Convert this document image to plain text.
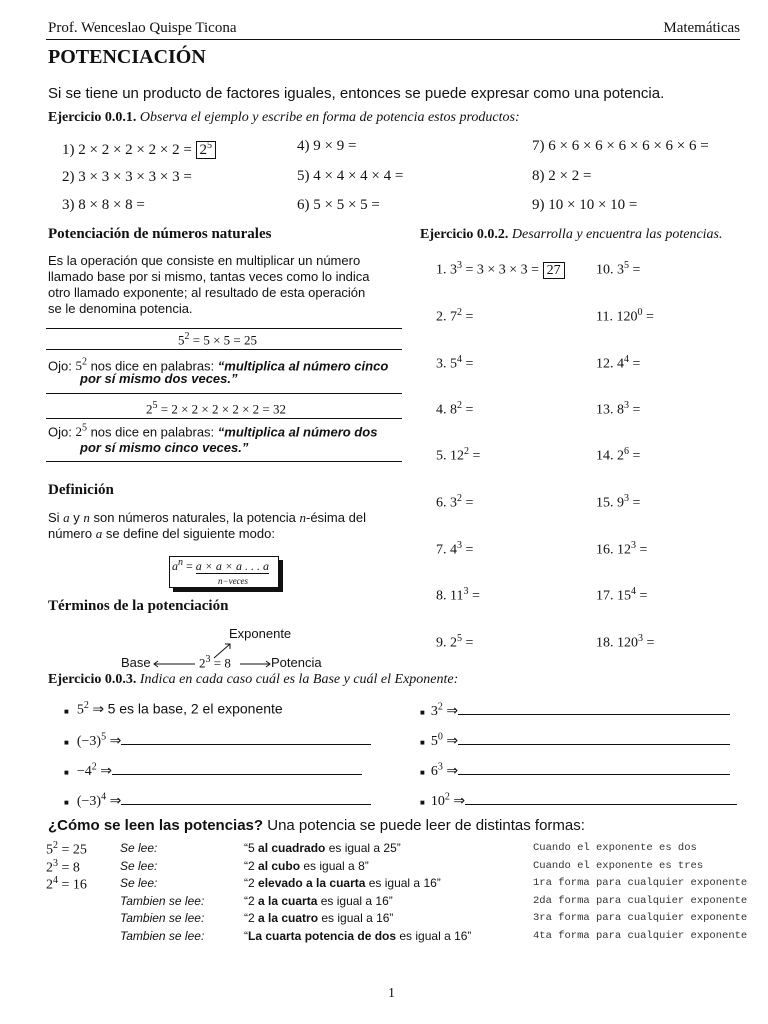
Prof. Wenceslao Quispe Ticona	Matemáticas
POTENCIACIÓN
Si se tiene un producto de factores iguales, entonces se puede expresar como una potencia.
Ejercicio 0.0.1. Observa el ejemplo y escribe en forma de potencia estos productos:
1) $2 \times 2 \times 2 \times 2 \times 2 = 2^5$
2) 3 × 3 × 3 × 3 × 3 =
3) 8 × 8 × 8 =
4) 9 × 9 =
5) 4 × 4 × 4 × 4 =
6) 5 × 5 × 5 =
7) 6 × 6 × 6 × 6 × 6 × 6 × 6 =
8) 2 × 2 =
9) 10 × 10 × 10 =
Potenciación de números naturales
Es la operación que consiste en multiplicar un número
llamado base por si mismo, tantas veces como lo indica
otro llamado exponente; al resultado de esta operación
se le denomina potencia.
$5^2 = 5 \times 5 = 25$
Ojo: $5^2$ nos dice en palabras: “multiplica al número cinco
por sí mismo dos veces.”
$2^5 = 2 \times 2 \times 2 \times 2 \times 2 = 32$
Ojo: $2^5$ nos dice en palabras: “multiplica al número dos
por sí mismo cinco veces.”
Definición
Si a y n son números naturales, la potencia n-ésima del
número a se define del siguiente modo:
$a^n = a \times a \times a$ . . . a
n−veces
Términos de la potenciación
Exponente
Base	$2^3 = 8$	Potencia
Ejercicio 0.0.2. Desarrolla y encuentra las potencias.
1. $3^3 = 3 \times 3 \times 3 = 27$
2. $7^2$ =
3. $5^4$ =
4. $8^2$ =
5. $12^2$ =
6. $3^2$ =
7. $4^3$ =
8. $11^3$ =
9. $2^5$ =
10. $3^5$ =
11. $120^0$ =
12. $4^4$ =
13. $8^3$ =
14. $2^6$ =
15. $9^3$ =
16. $12^3$ =
17. $15^4$ =
18. $120^3$ =
Ejercicio 0.0.3. Indica en cada caso cuál es la Base y cuál el Exponente:
■ $5^2$ ⇒ 5 es la base, 2 el exponente
■ $(-3)^5$ ⇒
■ $-4^2$ ⇒
■ $(-3)^4$ ⇒
■ $3^2$ ⇒
■ $5^0$ ⇒
■ $6^3$ ⇒
■ $10^2$ ⇒
¿Cómo se leen las potencias? Una potencia se puede leer de distintas formas:
$5^2 = 25$	Se lee:	“5 al cuadrado es igual a 25”	Cuando el exponente es dos
$2^3 = 8$	Se lee:	“2 al cubo es igual a 8”	Cuando el exponente es tres
$2^4 = 16$	Se lee:	“2 elevado a la cuarta es igual a 16”	1ra forma para cualquier exponente
Tambien se lee:	“2 a la cuarta es igual a 16”	2da forma para cualquier exponente
Tambien se lee:	“2 a la cuatro es igual a 16”	3ra forma para cualquier exponente
Tambien se lee:	“La cuarta potencia de dos es igual a 16”	4ta forma para cualquier exponente
1
